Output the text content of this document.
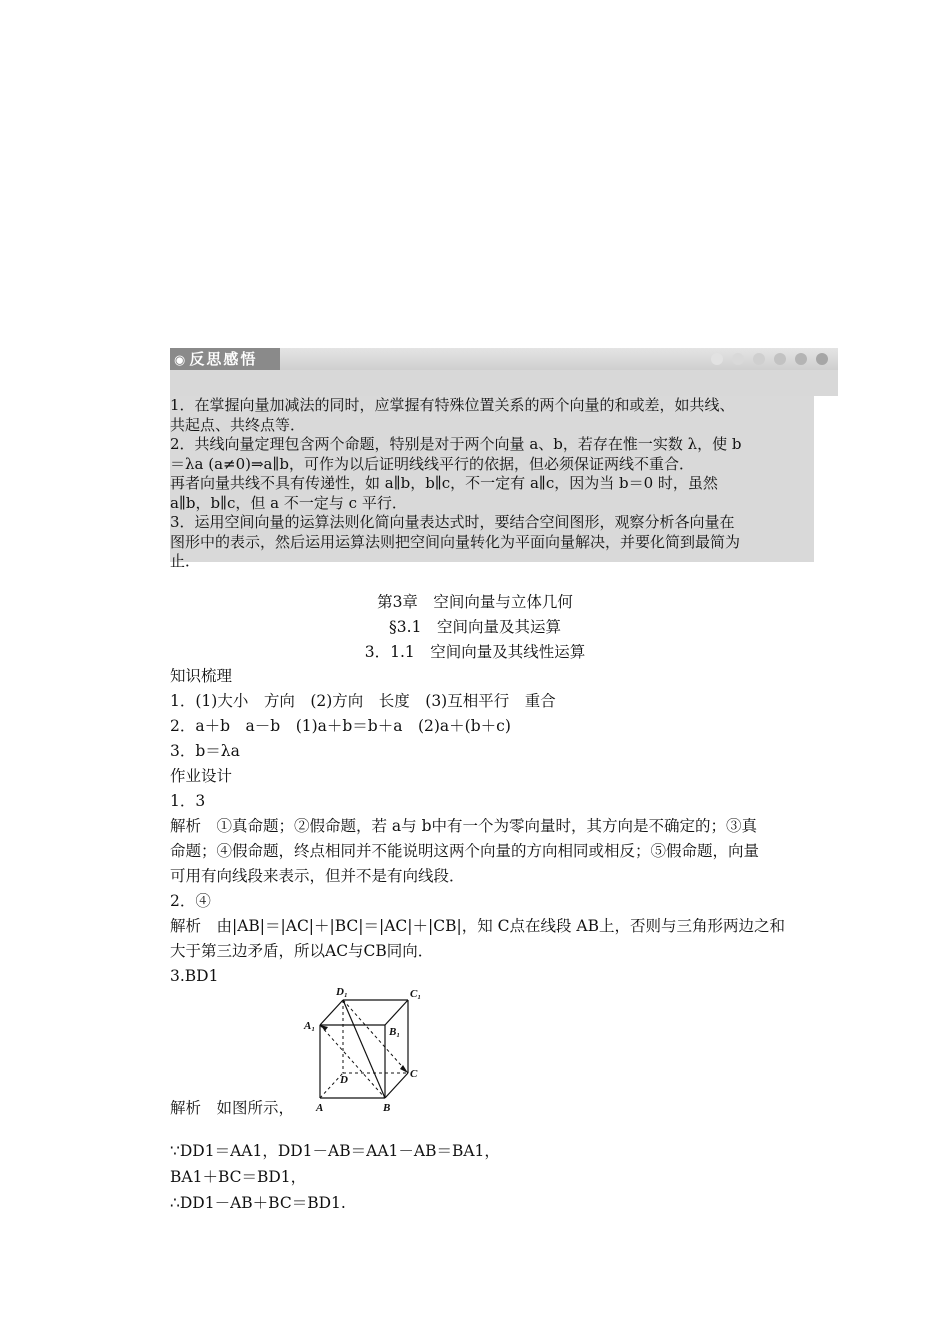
◉ 反思感悟

1．在掌握向量加减法的同时，应掌握有特殊位置关系的两个向量的和或差，如共线、

共起点、共终点等．

2．共线向量定理包含两个命题，特别是对于两个向量 a、b，若存在惟一实数 λ，使 b

＝λa (a≠0)⇒a∥b，可作为以后证明线线平行的依据，但必须保证两线不重合．

再者向量共线不具有传递性，如 a∥b，b∥c，不一定有 a∥c，因为当 b＝0 时，虽然

a∥b，b∥c，但 a 不一定与 c 平行．

3．运用空间向量的运算法则化简向量表达式时，要结合空间图形，观察分析各向量在

图形中的表示，然后运用运算法则把空间向量转化为平面向量解决，并要化简到最简为

止．

第3章　空间向量与立体几何
§3.1　空间向量及其运算
3．1.1　空间向量及其线性运算

知识梳理

1．(1)大小　方向　(2)方向　长度　(3)互相平行　重合

2．a＋b　a－b　(1)a＋b＝b＋a　(2)a＋(b＋c)

3．b＝λa

作业设计

1．3

解析　①真命题；②假命题，若 a与 b中有一个为零向量时，其方向是不确定的；③真

命题；④假命题，终点相同并不能说明这两个向量的方向相同或相反；⑤假命题，向量

可用有向线段来表示，但并不是有向线段．

2．④

解析　由|AB|＝|AC|＋|BC|＝|AC|＋|CB|，知 C点在线段 AB上，否则与三角形两边之和

大于第三边矛盾，所以AC与CB同向．

3.BD1

解析　如图所示，
D₁	C₁
A₁	B₁
D	C
A	B

∵DD1＝AA1，DD1－AB＝AA1－AB＝BA1，

BA1＋BC＝BD1，

∴DD1－AB＋BC＝BD1.
